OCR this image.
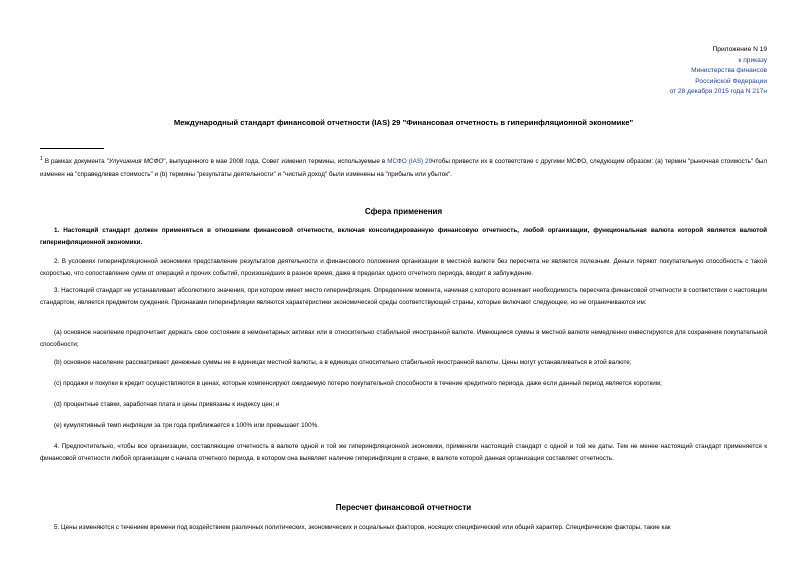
Приложение N 19
к приказу
Министерства финансов
Российской Федерации
от 28 декабря 2015 года N 217н
Международный стандарт финансовой отчетности (IAS) 29 "Финансовая отчетность в гиперинфляционной экономике"
$^1$ В рамках документа "Улучшения МСФО", выпущенного в мае 2008 года, Совет изменил термины, используемые в МСФО (IAS) 29чтобы привести их в соответствие с другими МСФО, следующим образом: (а) термин "рыночная стоимость" был изменен на "справедливая стоимость" и (b) термины "результаты деятельности" и "чистый доход" были изменены на "прибыль или убыток".
Сфера применения
1. Настоящий стандарт должен применяться в отношении финансовой отчетности, включая консолидированную финансовую отчетность, любой организации, функциональная валюта которой является валютой гиперинфляционной экономики.
2. В условиях гиперинфляционной экономики представление результатов деятельности и финансового положения организации в местной валюте без пересчета не является полезным. Деньги теряют покупательную способность с такой скоростью, что сопоставление сумм от операций и прочих событий, произошедших в разное время, даже в пределах одного отчетного периода, вводит в заблуждение.
3. Настоящий стандарт не устанавливает абсолютного значения, при котором имеет место гиперинфляция. Определение момента, начиная с которого возникает необходимость пересчета финансовой отчетности в соответствии с настоящим стандартом, является предметом суждения. Признаками гиперинфляции являются характеристики экономической среды соответствующей страны, которые включают следующее, но не ограничиваются им:
(а) основное население предпочитает держать свое состояние в немонетарных активах или в относительно стабильной иностранной валюте. Имеющиеся суммы в местной валюте немедленно инвестируются для сохранения покупательной способности;
(b) основное население рассматривает денежные суммы не в единицах местной валюты, а в единицах относительно стабильной иностранной валюты. Цены могут устанавливаться в этой валюте;
(c) продажи и покупки в кредит осуществляются в ценах, которые компенсируют ожидаемую потерю покупательной способности в течение кредитного периода, даже если данный период является коротким;
(d) процентные ставки, заработная плата и цены привязаны к индексу цен; и
(e) кумулятивный темп инфляции за три года приближается к 100% или превышает 100%.
4. Предпочтительно, чтобы все организации, составляющие отчетность в валюте одной и той же гиперинфляционной экономики, применяли настоящий стандарт с одной и той же даты. Тем не менее настоящий стандарт применяется к финансовой отчетности любой организации с начала отчетного периода, в котором она выявляет наличие гиперинфляции в стране, в валюте которой данная организация составляет отчетность.
Пересчет финансовой отчетности
5. Цены изменяются с течением времени под воздействием различных политических, экономических и социальных факторов, носящих специфический или общий характер. Специфические факторы, такие как
